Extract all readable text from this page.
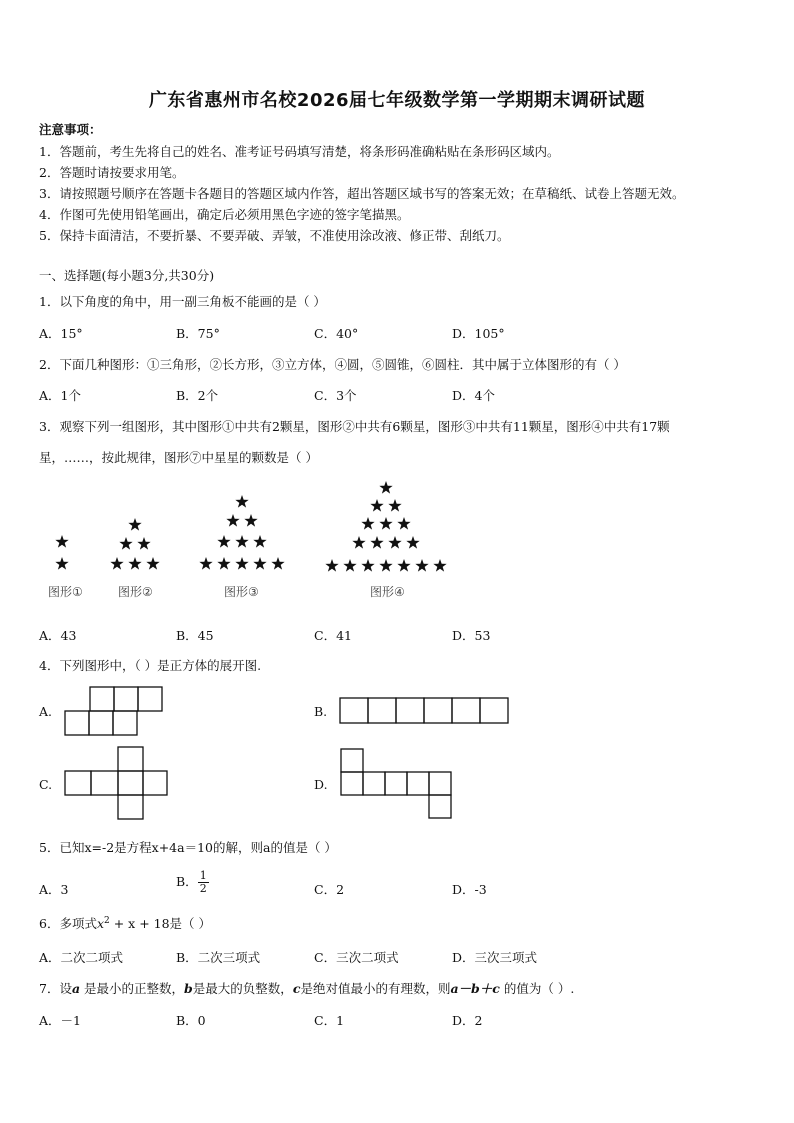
广东省惠州市名校2026届七年级数学第一学期期末调研试题
注意事项：
1．答题前，考生先将自己的姓名、准考证号码填写清楚，将条形码准确粘贴在条形码区域内。
2．答题时请按要求用笔。
3．请按照题号顺序在答题卡各题目的答题区域内作答，超出答题区域书写的答案无效；在草稿纸、试卷上答题无效。
4．作图可先使用铅笔画出，确定后必须用黑色字迹的签字笔描黑。
5．保持卡面清洁，不要折暴、不要弄破、弄皱，不准使用涂改液、修正带、刮纸刀。
一、选择题(每小题3分,共30分)
1．以下角度的角中，用一副三角板不能画的是（ ）
A．15°	B．75°	C．40°	D．105°
2．下面几种图形：①三角形，②长方形，③立方体，④圆，⑤圆锥，⑥圆柱．其中属于立体图形的有（ ）
A．1个	B．2个	C．3个	D．4个
3．观察下列一组图形，其中图形①中共有2颗星，图形②中共有6颗星，图形③中共有11颗星，图形④中共有17颗
星，……，按此规律，图形⑦中星星的颗数是（ ）
图形①	图形②	图形③	图形④
A．43	B．45	C．41	D．53
4．下列图形中，（ ）是正方体的展开图.
A.	B.
C.	D.
5．已知x=-2是方程x+4a＝10的解，则a的值是（ ）
A．3
B． $\frac{1}{2}$	C．2	D．-3
6．多项式$x^2 + x + 18$是（ ）
A．二次二项式	B．二次三项式	C．三次二项式	D．三次三项式
7．设a 是最小的正整数，b是最大的负整数，c是绝对值最小的有理数，则a－b＋c 的值为（ ）.
A．－1	B．0	C．1	D．2
